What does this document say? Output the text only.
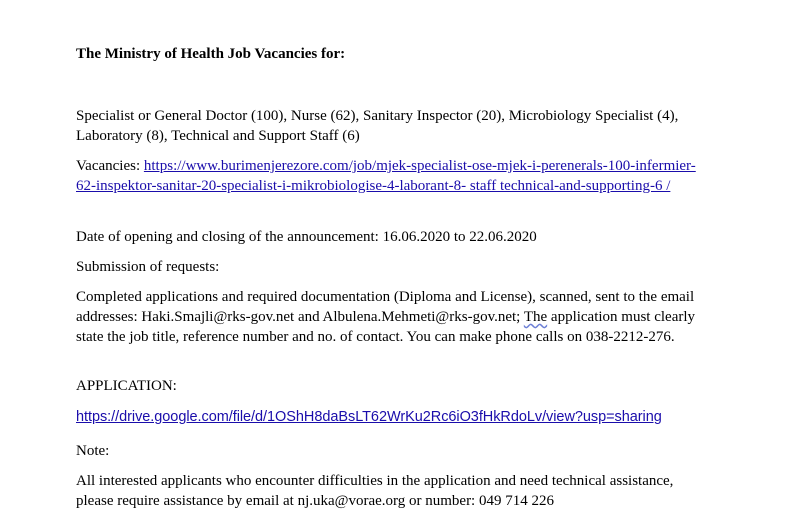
The Ministry of Health Job Vacancies for:

Specialist or General Doctor (100), Nurse (62), Sanitary Inspector (20), Microbiology Specialist (4), Laboratory (8), Technical and Support Staff (6)

Vacancies: https://www.burimenjerezore.com/job/mjek-specialist-ose-mjek-i-perenerals-100-infermier-62-inspektor-sanitar-20-specialist-i-mikrobiologise-4-laborant-8- staff technical-and-supporting-6 /

Date of opening and closing of the announcement: 16.06.2020 to 22.06.2020

Submission of requests:

Completed applications and required documentation (Diploma and License), scanned, sent to the email addresses: Haki.Smajli@rks-gov.net and Albulena.Mehmeti@rks-gov.net; The application must clearly state the job title, reference number and no. of contact. You can make phone calls on 038-2212-276.

APPLICATION:

https://drive.google.com/file/d/1OShH8daBsLT62WrKu2Rc6iO3fHkRdoLv/view?usp=sharing

Note:

All interested applicants who encounter difficulties in the application and need technical assistance, please require assistance by email at nj.uka@vorae.org or number: 049 714 226
